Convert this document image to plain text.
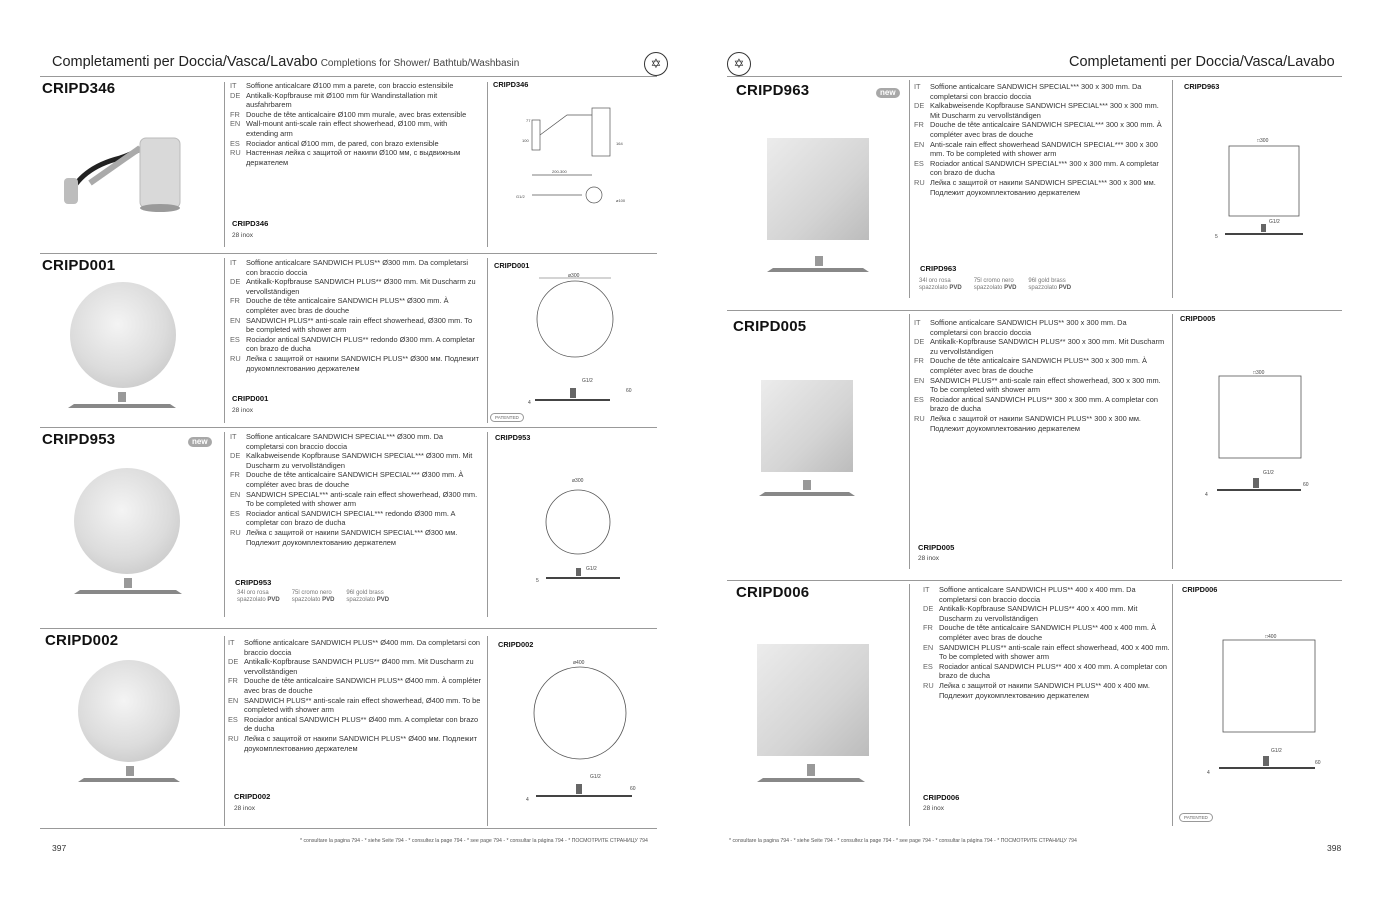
Completamenti per Doccia/Vasca/Lavabo Completions for Shower/ Bathtub/Washbasin	✡
CRIPD346	IT	Soffione anticalcare Ø100 mm a parete, con braccio estensibile
DE Antikalk-Kopfbrause mit Ø100 mm für Wandinstallation mit ausfahrbarem
FR Douche de tête anticalcaire Ø100 mm murale, avec bras extensible
EN Wall-mount anti-scale rain effect showerhead, Ø100 mm, with extending arm
ES Rociador antical Ø100 mm, de pared, con brazo extensible
RU Настенная лейка с защитой от накипи Ø100 мм, с выдвижным держателем
CRIPD346
28 inox
CRIPD346
200-300
ø100
G1/2
164
77
100
CRIPD001	IT	Soffione anticalcare SANDWICH PLUS** Ø300 mm. Da completarsi con braccio doccia
DE Antikalk-Kopfbrause SANDWICH PLUS** Ø300 mm. Mit Duscharm zu vervollständigen
FR Douche de tête anticalcaire SANDWICH PLUS** Ø300 mm. À compléter avec bras de douche
EN SANDWICH PLUS** anti-scale rain effect showerhead, Ø300 mm. To be completed with shower arm
ES Rociador antical SANDWICH PLUS** redondo Ø300 mm. A completar con brazo de ducha
RU Лейка с защитой от накипи SANDWICH PLUS** Ø300 мм. Подлежит доукомплектованию держателем
CRIPD001
28 inox
CRIPD001
ø300
G1/2
60
4
PATENTED
CRIPD953	new
IT	Soffione anticalcare SANDWICH SPECIAL*** Ø300 mm. Da completarsi con braccio doccia
DE Kalkabweisende Kopfbrause SANDWICH SPECIAL*** Ø300 mm. Mit Duscharm zu vervollständigen
FR Douche de tête anticalcaire SANDWICH SPECIAL*** Ø300 mm. À compléter avec bras de douche
EN SANDWICH SPECIAL*** anti-scale rain effect showerhead, Ø300 mm. To be completed with shower arm
ES Rociador antical SANDWICH SPECIAL*** redondo Ø300 mm. A completar con brazo de ducha
RU Лейка с защитой от накипи SANDWICH SPECIAL*** Ø300 мм. Подлежит доукомплектованию держателем
CRIPD953
34l oro rosa
spazzolato PVD
75l cromo nero
spazzolato PVD
96l gold brass
spazzolato PVD
CRIPD953
ø300
G1/2
5
CRIPD002	IT	Soffione anticalcare SANDWICH PLUS** Ø400 mm. Da completarsi con braccio doccia
DE Antikalk-Kopfbrause SANDWICH PLUS** Ø400 mm. Mit Duscharm zu vervollständigen
FR Douche de tête anticalcaire SANDWICH PLUS** Ø400 mm. À compléter avec bras de douche
EN SANDWICH PLUS** anti-scale rain effect showerhead, Ø400 mm. To be completed with shower arm
ES Rociador antical SANDWICH PLUS** Ø400 mm. A completar con brazo de ducha
RU Лейка с защитой от накипи SANDWICH PLUS** Ø400 мм. Подлежит доукомплектованию держателем
CRIPD002
28 inox
CRIPD002
ø400
G1/2
60
4
397
* consultare la pagina 794 - * siehe Seite 794 - * consultez la page 794 - * see page 794 - * consultar la página 794 - * ПОСМОТРИТЕ СТРАНИЦУ 794
✡	Completamenti per Doccia/Vasca/Lavabo
CRIPD963	new
IT	Soffione anticalcare SANDWICH SPECIAL*** 300 x 300 mm. Da completarsi con braccio doccia
DE Kalkabweisende Kopfbrause SANDWICH SPECIAL*** 300 x 300 mm. Mit Duscharm zu vervollständigen
FR Douche de tête anticalcaire SANDWICH SPECIAL*** 300 x 300 mm. À compléter avec bras de douche
EN Anti-scale rain effect showerhead SANDWICH SPECIAL*** 300 x 300 mm. To be completed with shower arm
ES Rociador antical SANDWICH SPECIAL*** 300 x 300 mm. A completar con brazo de ducha
RU Лейка с защитой от накипи SANDWICH SPECIAL*** 300 х 300 мм. Подлежит доукомплектованию держателем
CRIPD963
34l oro rosa
spazzolato PVD
75l cromo nero
spazzolato PVD
96l gold brass
spazzolato PVD
CRIPD963
□300
G1/2
5
CRIPD005	IT	Soffione anticalcare SANDWICH PLUS** 300 x 300 mm. Da completarsi con braccio doccia
DE Antikalk-Kopfbrause SANDWICH PLUS** 300 x 300 mm. Mit Duscharm zu vervollständigen
FR Douche de tête anticalcaire SANDWICH PLUS** 300 x 300 mm. À compléter avec bras de douche
EN SANDWICH PLUS** anti-scale rain effect showerhead, 300 x 300 mm. To be completed with shower arm
ES Rociador antical SANDWICH PLUS** 300 x 300 mm. A completar con brazo de ducha
RU Лейка с защитой от накипи SANDWICH PLUS** 300 x 300 мм. Подлежит доукомплектованию держателем
CRIPD005
28 inox
CRIPD005
□300
G1/2
60
4
CRIPD006	IT	Soffione anticalcare SANDWICH PLUS** 400 x 400 mm. Da completarsi con braccio doccia
DE Antikalk-Kopfbrause SANDWICH PLUS** 400 x 400 mm. Mit Duscharm zu vervollständigen
FR Douche de tête anticalcaire SANDWICH PLUS** 400 x 400 mm. À compléter avec bras de douche
EN SANDWICH PLUS** anti-scale rain effect showerhead, 400 x 400 mm. To be completed with shower arm
ES Rociador antical SANDWICH PLUS** 400 x 400 mm. A completar con brazo de ducha
RU Лейка с защитой от накипи SANDWICH PLUS** 400 x 400 мм. Подлежит доукомплектованию держателем
CRIPD006
28 inox
CRIPD006
□400
G1/2
60
4
PATENTED
398
* consultare la pagina 794 - * siehe Seite 794 - * consultez la page 794 - * see page 794 - * consultar la página 794 - * ПОСМОТРИТЕ СТРАНИЦУ 794
